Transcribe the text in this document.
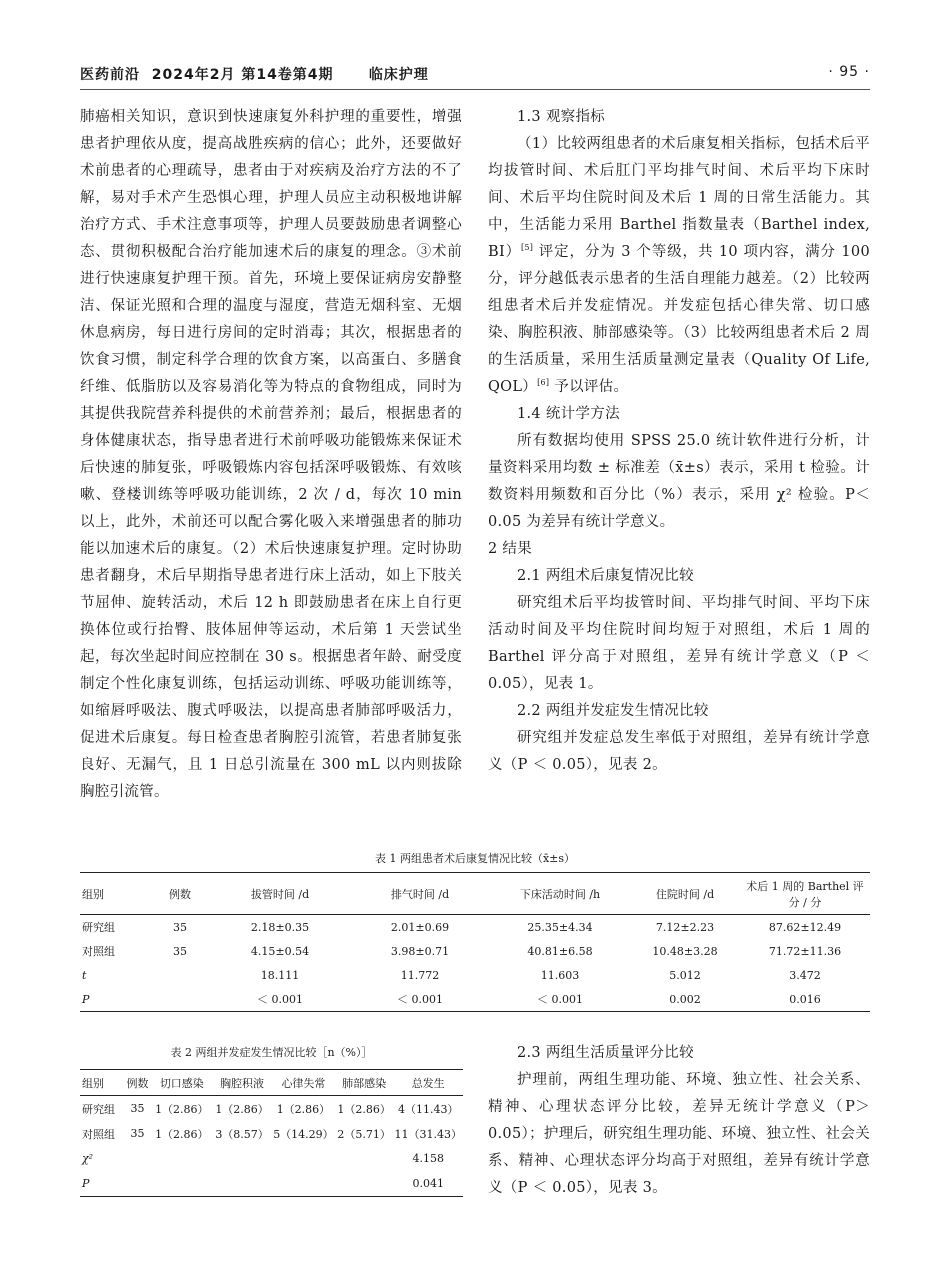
医药前沿 2024年2月 第14卷第4期	临床护理	· 95 ·

肺癌相关知识，意识到快速康复外科护理的重要性，增强患者护理依从度，提高战胜疾病的信心；此外，还要做好术前患者的心理疏导，患者由于对疾病及治疗方法的不了解，易对手术产生恐惧心理，护理人员应主动积极地讲解治疗方式、手术注意事项等，护理人员要鼓励患者调整心态、贯彻积极配合治疗能加速术后的康复的理念。③术前进行快速康复护理干预。首先，环境上要保证病房安静整洁、保证光照和合理的温度与湿度，营造无烟科室、无烟休息病房，每日进行房间的定时消毒；其次，根据患者的饮食习惯，制定科学合理的饮食方案，以高蛋白、多膳食纤维、低脂肪以及容易消化等为特点的食物组成，同时为其提供我院营养科提供的术前营养剂；最后，根据患者的身体健康状态，指导患者进行术前呼吸功能锻炼来保证术后快速的肺复张，呼吸锻炼内容包括深呼吸锻炼、有效咳嗽、登楼训练等呼吸功能训练，2 次 / d，每次 10 min 以上，此外，术前还可以配合雾化吸入来增强患者的肺功能以加速术后的康复。（2）术后快速康复护理。定时协助患者翻身，术后早期指导患者进行床上活动，如上下肢关节屈伸、旋转活动，术后 12 h 即鼓励患者在床上自行更换体位或行抬臀、肢体屈伸等运动，术后第 1 天尝试坐起，每次坐起时间应控制在 30 s。根据患者年龄、耐受度制定个性化康复训练，包括运动训练、呼吸功能训练等，如缩唇呼吸法、腹式呼吸法，以提高患者肺部呼吸活力，促进术后康复。每日检查患者胸腔引流管，若患者肺复张良好、无漏气，且 1 日总引流量在 300 mL 以内则拔除胸腔引流管。

1.3 观察指标

（1）比较两组患者的术后康复相关指标，包括术后平均拔管时间、术后肛门平均排气时间、术后平均下床时间、术后平均住院时间及术后 1 周的日常生活能力。其中，生活能力采用 Barthel 指数量表（Barthel index, BI）[5] 评定，分为 3 个等级，共 10 项内容，满分 100 分，评分越低表示患者的生活自理能力越差。（2）比较两组患者术后并发症情况。并发症包括心律失常、切口感染、胸腔积液、肺部感染等。（3）比较两组患者术后 2 周的生活质量，采用生活质量测定量表（Quality Of Life, QOL）[6] 予以评估。

1.4 统计学方法

所有数据均使用 SPSS 25.0 统计软件进行分析，计量资料采用均数 ± 标准差（x̄±s）表示，采用 t 检验。计数资料用频数和百分比（%）表示，采用 χ² 检验。P＜0.05 为差异有统计学意义。

2 结果

2.1 两组术后康复情况比较

研究组术后平均拔管时间、平均排气时间、平均下床活动时间及平均住院时间均短于对照组，术后 1 周的 Barthel 评分高于对照组，差异有统计学意义（P ＜ 0.05），见表 1。

2.2 两组并发症发生情况比较

研究组并发症总发生率低于对照组，差异有统计学意义（P ＜ 0.05），见表 2。

表 1 两组患者术后康复情况比较（x̄±s）
组别	例数	拔管时间 /d	排气时间 /d	下床活动时间 /h	住院时间 /d	术后 1 周的 Barthel 评分 / 分
研究组	35	2.18±0.35	2.01±0.69	25.35±4.34	7.12±2.23	87.62±12.49
对照组	35	4.15±0.54	3.98±0.71	40.81±6.58	10.48±3.28	71.72±11.36
t		18.111	11.772	11.603	5.012	3.472
P		＜ 0.001	＜ 0.001	＜ 0.001	0.002	0.016
表 2 两组并发症发生情况比较［n（%）］
组别	例数	切口感染	胸腔积液	心律失常	肺部感染	总发生
研究组	35	1（2.86）	1（2.86）	1（2.86）	1（2.86）	4（11.43）
对照组	35	1（2.86）	3（8.57）	5（14.29）	2（5.71）	11（31.43）
χ²						4.158
P						0.041

2.3 两组生活质量评分比较

护理前，两组生理功能、环境、独立性、社会关系、精神、心理状态评分比较，差异无统计学意义（P＞0.05）；护理后，研究组生理功能、环境、独立性、社会关系、精神、心理状态评分均高于对照组，差异有统计学意义（P ＜ 0.05），见表 3。
